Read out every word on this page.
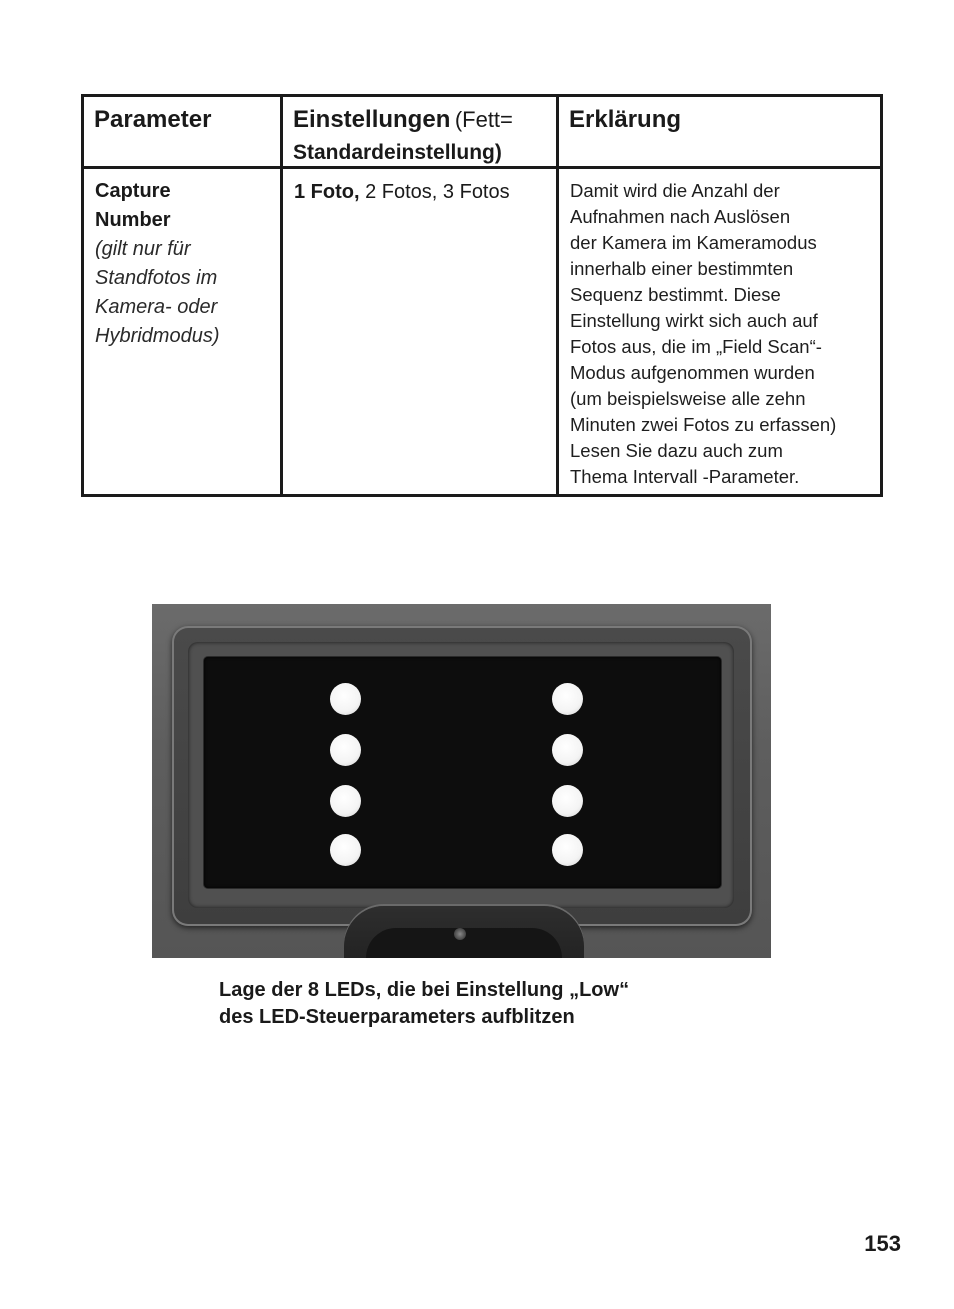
Parameter	Einstellungen (Fett=
Standardeinstellung)
Erklärung
Capture
Number
(gilt nur für
Standfotos im
Kamera- oder
Hybridmodus)
1 Foto, 2 Fotos, 3 Fotos	Damit wird die Anzahl der
Aufnahmen nach Auslösen
der Kamera im Kameramodus
innerhalb einer bestimmten
Sequenz bestimmt. Diese
Einstellung wirkt sich auch auf
Fotos aus, die im „Field Scan“-
Modus aufgenommen wurden
(um beispielsweise alle zehn
Minuten zwei Fotos zu erfassen)
Lesen Sie dazu auch zum
Thema Intervall -Parameter.
Lage der 8 LEDs, die bei Einstellung „Low“
des LED-Steuerparameters aufblitzen
153
